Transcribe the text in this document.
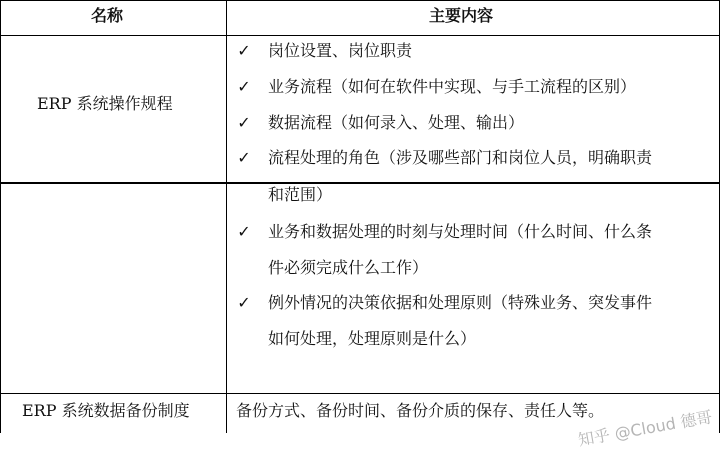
名称	主要内容
ERP 系统操作规程
✓ 岗位设置、岗位职责
✓ 业务流程（如何在软件中实现、与手工流程的区别）
✓ 数据流程（如何录入、处理、输出）
✓ 流程处理的角色（涉及哪些部门和岗位人员，明确职责
和范围）
✓ 业务和数据处理的时刻与处理时间（什么时间、什么条
件必须完成什么工作）
✓ 例外情况的决策依据和处理原则（特殊业务、突发事件
如何处理，处理原则是什么）
ERP 系统数据备份制度	备份方式、备份时间、备份介质的保存、责任人等。
知乎 @Cloud 德哥
